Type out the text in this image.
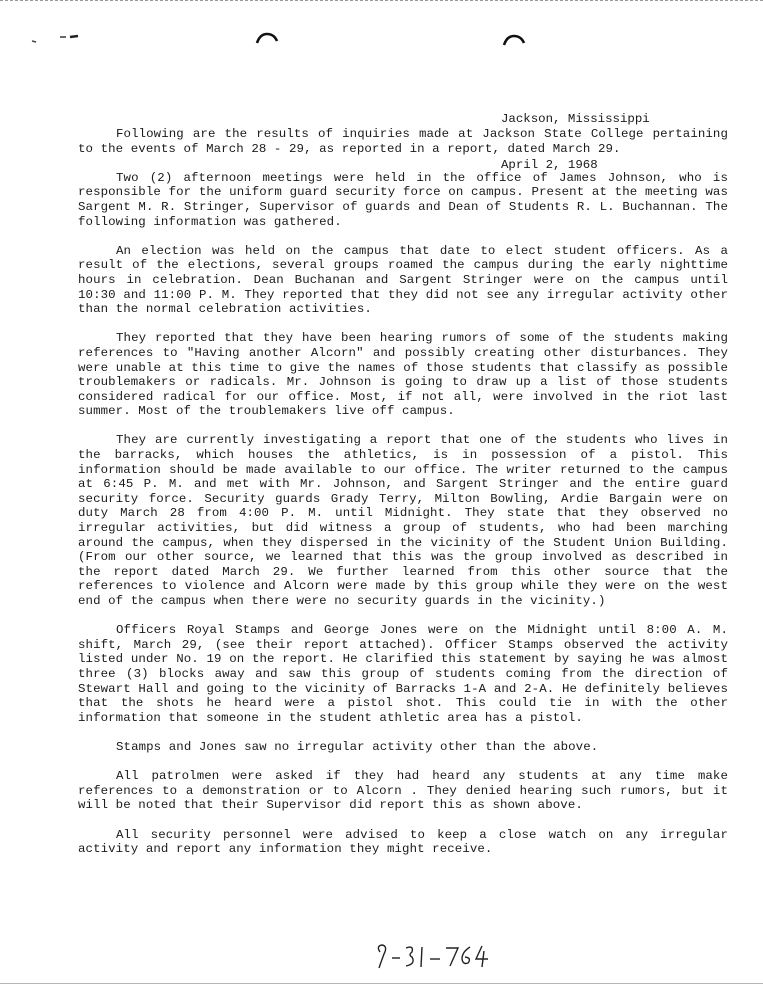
Jackson, Mississippi

April 2, 1968

Following are the results of inquiries made at Jackson State College pertaining to the events of March 28 - 29, as reported in a report, dated March 29.

Two (2) afternoon meetings were held in the office of James Johnson, who is responsible for the uniform guard security force on campus. Present at the meeting was Sargent M. R. Stringer, Supervisor of guards and Dean of Students R. L. Buchannan. The following information was gathered.

An election was held on the campus that date to elect student officers. As a result of the elections, several groups roamed the campus during the early nighttime hours in celebration. Dean Buchanan and Sargent Stringer were on the campus until 10:30 and 11:00 P. M. They reported that they did not see any irregular activity other than the normal celebration activities.

They reported that they have been hearing rumors of some of the students making references to "Having another Alcorn" and possibly creating other disturbances. They were unable at this time to give the names of those students that classify as possible troublemakers or radicals. Mr. Johnson is going to draw up a list of those students considered radical for our office. Most, if not all, were involved in the riot last summer. Most of the troublemakers live off campus.

They are currently investigating a report that one of the students who lives in the barracks, which houses the athletics, is in possession of a pistol. This information should be made available to our office. The writer returned to the campus at 6:45 P. M. and met with Mr. Johnson, and Sargent Stringer and the entire guard security force. Security guards Grady Terry, Milton Bowling, Ardie Bargain were on duty March 28 from 4:00 P. M. until Midnight. They state that they observed no irregular activities, but did witness a group of students, who had been marching around the campus, when they dispersed in the vicinity of the Student Union Building. (From our other source, we learned that this was the group involved as described in the report dated March 29. We further learned from this other source that the references to violence and Alcorn were made by this group while they were on the west end of the campus when there were no security guards in the vicinity.)

Officers Royal Stamps and George Jones were on the Midnight until 8:00 A. M. shift, March 29, (see their report attached). Officer Stamps observed the activity listed under No. 19 on the report. He clarified this statement by saying he was almost three (3) blocks away and saw this group of students coming from the direction of Stewart Hall and going to the vicinity of Barracks 1-A and 2-A. He definitely believes that the shots he heard were a pistol shot. This could tie in with the other information that someone in the student athletic area has a pistol.

Stamps and Jones saw no irregular activity other than the above.

All patrolmen were asked if they had heard any students at any time make references to a demonstration or to Alcorn . They denied hearing such rumors, but it will be noted that their Supervisor did report this as shown above.

All security personnel were advised to keep a close watch on any irregular activity and report any information they might receive.
